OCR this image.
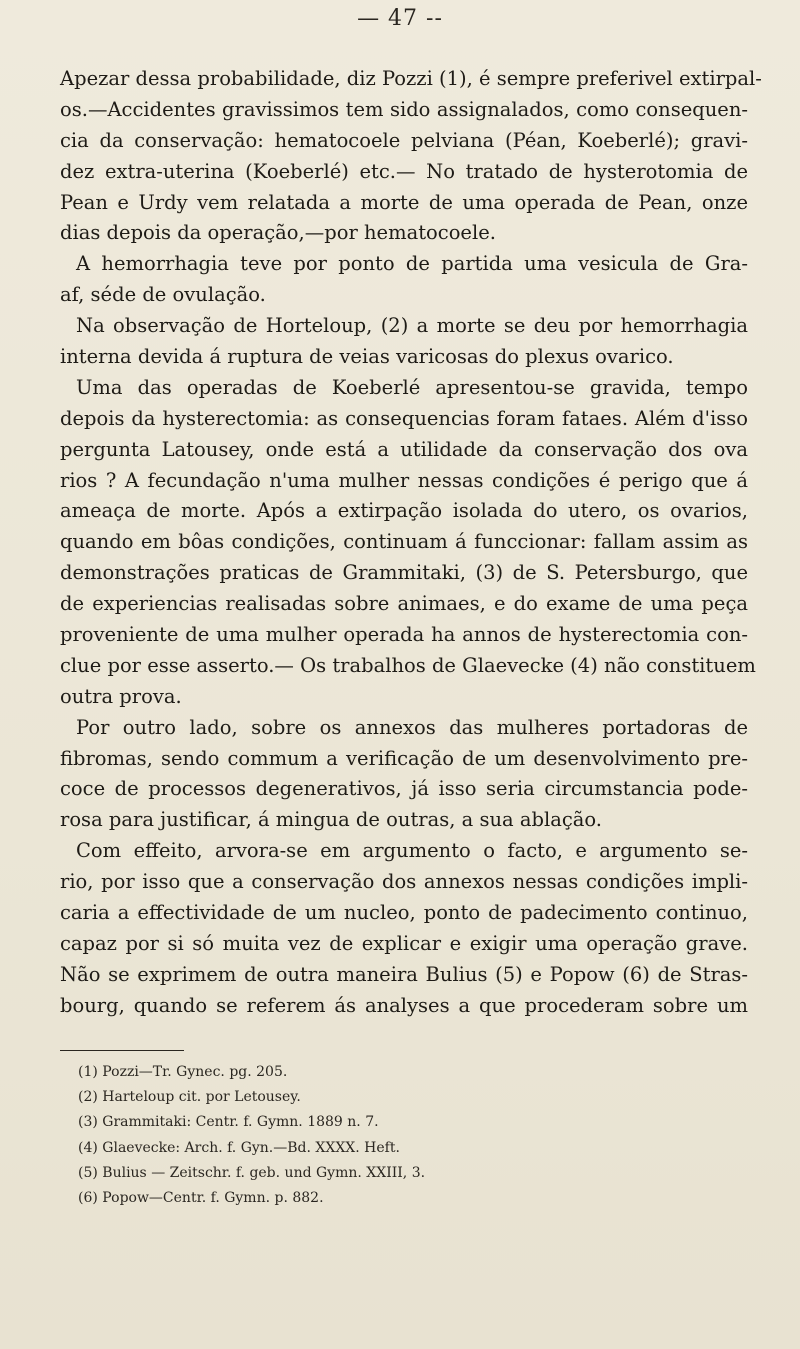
— 47 --
Apezar dessa probabilidade, diz Pozzi (1), é sempre preferivel extirpal-
os.—Accidentes gravissimos tem sido assignalados, como consequen-
cia da conservação: hematocoele pelviana (Péan, Koeberlé); gravi-
dez extra-uterina (Koeberlé) etc.— No tratado de hysterotomia de
Pean e Urdy vem relatada a morte de uma operada de Pean, onze
dias depois da operação,—por hematocoele.
A hemorrhagia teve por ponto de partida uma vesicula de Gra-
af, séde de ovulação.
Na observação de Horteloup, (2) a morte se deu por hemorrhagia
interna devida á ruptura de veias varicosas do plexus ovarico.
Uma das operadas de Koeberlé apresentou-se gravida, tempo
depois da hysterectomia: as consequencias foram fataes. Além d'isso
pergunta Latousey, onde está a utilidade da conservação dos ova
rios ? A fecundação n'uma mulher nessas condições é perigo que á
ameaça de morte. Após a extirpação isolada do utero, os ovarios,
quando em bôas condições, continuam á funccionar: fallam assim as
demonstrações praticas de Grammitaki, (3) de S. Petersburgo, que
de experiencias realisadas sobre animaes, e do exame de uma peça
proveniente de uma mulher operada ha annos de hysterectomia con-
clue por esse asserto.— Os trabalhos de Glaevecke (4) não constituem
outra prova.
Por outro lado, sobre os annexos das mulheres portadoras de
fibromas, sendo commum a verificação de um desenvolvimento pre-
coce de processos degenerativos, já isso seria circumstancia pode-
rosa para justificar, á mingua de outras, a sua ablação.
Com effeito, arvora-se em argumento o facto, e argumento se-
rio, por isso que a conservação dos annexos nessas condições impli-
caria a effectividade de um nucleo, ponto de padecimento continuo,
capaz por si só muita vez de explicar e exigir uma operação grave.
Não se exprimem de outra maneira Bulius (5) e Popow (6) de Stras-
bourg, quando se referem ás analyses a que procederam sobre um
(1) Pozzi—Tr. Gynec. pg. 205.
(2) Harteloup cit. por Letousey.
(3) Grammitaki: Centr. f. Gymn. 1889 n. 7.
(4) Glaevecke: Arch. f. Gyn.—Bd. XXXX. Heft.
(5) Bulius — Zeitschr. f. geb. und Gymn. XXIII, 3.
(6) Popow—Centr. f. Gymn. p. 882.
